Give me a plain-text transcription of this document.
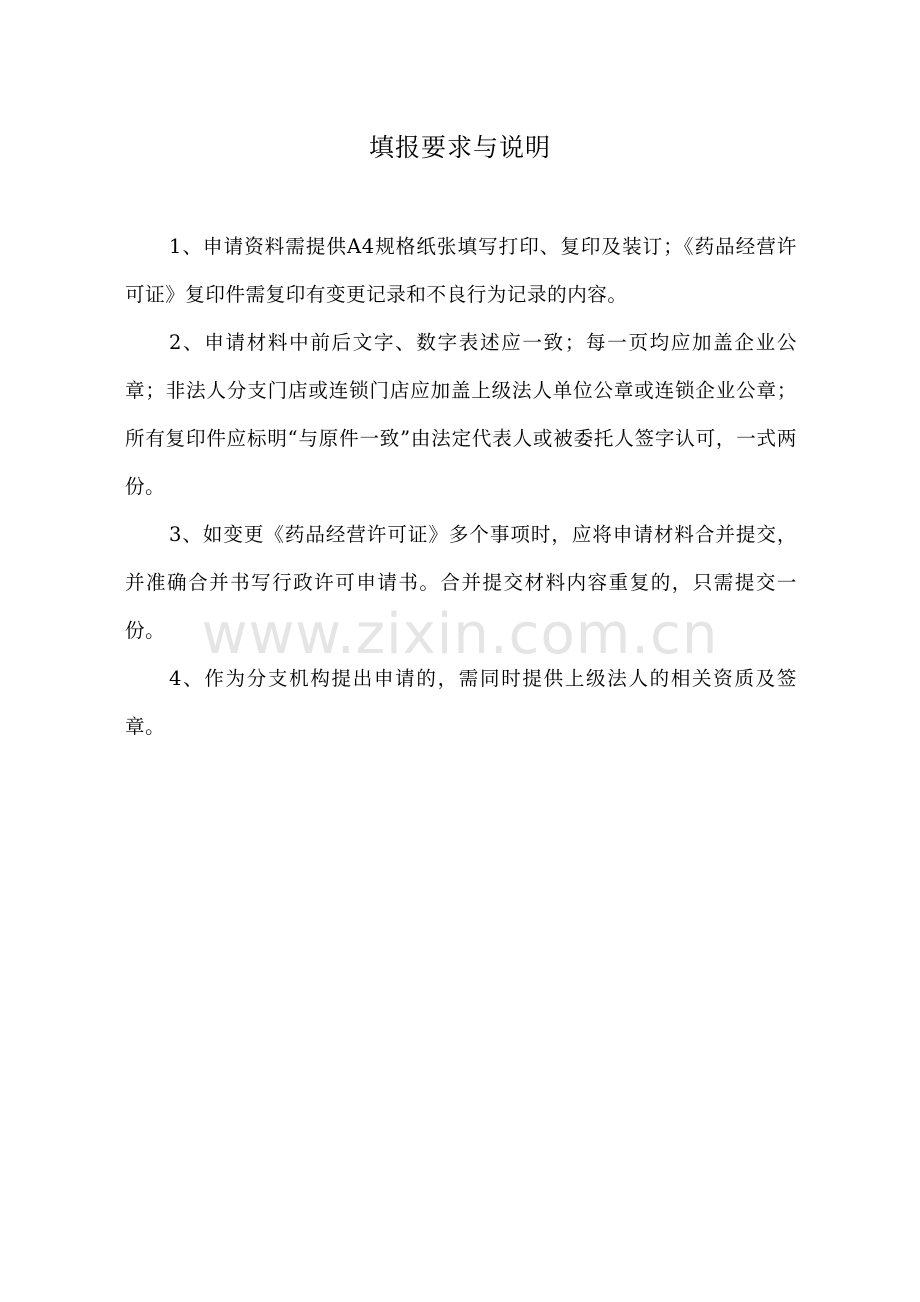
填报要求与说明

1、申请资料需提供A4规格纸张填写打印、复印及装订；《药品经营许可证》复印件需复印有变更记录和不良行为记录的内容。

2、申请材料中前后文字、数字表述应一致；每一页均应加盖企业公章；非法人分支门店或连锁门店应加盖上级法人单位公章或连锁企业公章；所有复印件应标明“与原件一致”由法定代表人或被委托人签字认可，一式两份。

3、如变更《药品经营许可证》多个事项时，应将申请材料合并提交，并准确合并书写行政许可申请书。合并提交材料内容重复的，只需提交一份。

4、作为分支机构提出申请的，需同时提供上级法人的相关资质及签章。

www.zixin.com.cn
